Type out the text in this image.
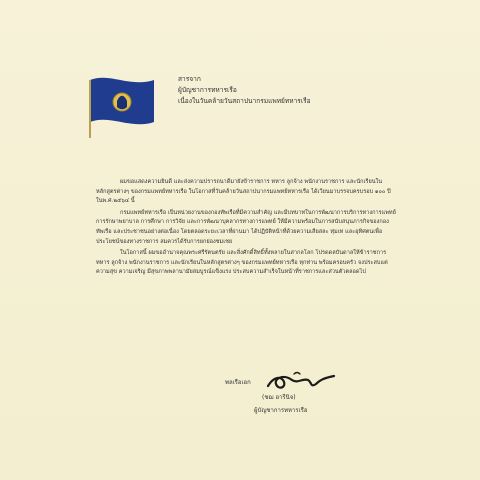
สารจาก
ผู้บัญชาการทหารเรือ
เนื่องในวันคล้ายวันสถาปนากรมแพทย์ทหารเรือ

ผมขอแสดงความยินดี และส่งความปรารถนาดีมายังข้าราชการ ทหาร ลูกจ้าง พนักงานราชการ และนักเรียนในหลักสูตรต่างๆ ของกรมแพทย์ทหารเรือ ในโอกาสที่วันคล้ายวันสถาปนากรมแพทย์ทหารเรือ ได้เวียนมาบรรจบครบรอบ ๑๐๐ ปี ในพ.ศ.๒๕๖๔ นี้

กรมแพทย์ทหารเรือ เป็นหน่วยงานของกองทัพเรือที่มีความสำคัญ และมีบทบาทในการพัฒนาการบริการทางการแพทย์ การรักษาพยาบาล การศึกษา การวิจัย และการพัฒนาบุคลากรทางการแพทย์ ให้มีความพร้อมในการสนับสนุนภารกิจของกองทัพเรือ และประชาชนอย่างต่อเนื่อง โดยตลอดระยะเวลาที่ผ่านมา ได้ปฏิบัติหน้าที่ด้วยความเสียสละ ทุ่มเท และอุทิศตนเพื่อประโยชน์ของทางราชการ สมควรได้รับการยกย่องชมเชย

ในโอกาสนี้ ผมขออำนาจคุณพระศรีรัตนตรัย และสิ่งศักดิ์สิทธิ์ทั้งหลายในสากลโลก โปรดดลบันดาลให้ข้าราชการ ทหาร ลูกจ้าง พนักงานราชการ และนักเรียนในหลักสูตรต่างๆ ของกรมแพทย์ทหารเรือ ทุกท่าน พร้อมครอบครัว จงประสบแต่ความสุข ความเจริญ มีสุขภาพพลานามัยสมบูรณ์แข็งแรง ประสบความสำเร็จในหน้าที่ราชการและส่วนตัวตลอดไป

พลเรือเอก
(ชฌ อารีนิจ)
ผู้บัญชาการทหารเรือ
